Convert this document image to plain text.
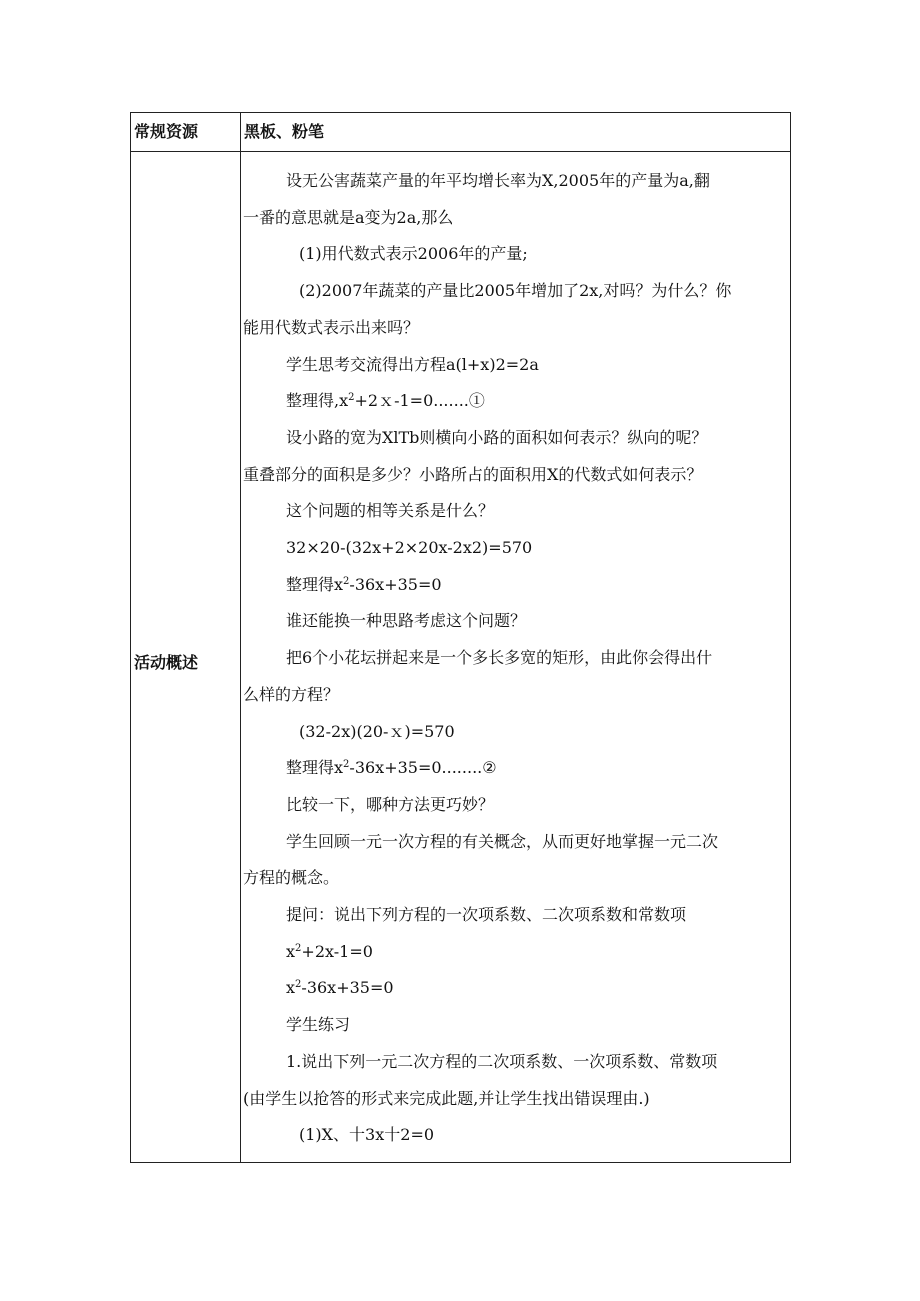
常规资源	黑板、粉笔
活动概述

设无公害蔬菜产量的年平均增长率为X,2005年的产量为a,翻

一番的意思就是a变为2a,那么

(1)用代数式表示2006年的产量;

(2)2007年蔬菜的产量比2005年增加了2x,对吗？为什么？你

能用代数式表示出来吗？

学生思考交流得出方程a(l+x)2=2a

整理得$,x^2+2x-1=0.......①$

设小路的宽为XlTb则横向小路的面积如何表示？纵向的呢？

重叠部分的面积是多少？小路所占的面积用X的代数式如何表示？

这个问题的相等关系是什么？

32×20-(32x+2×20x-2x2)=570

整理得$x^2-36x+35=0$

谁还能换一种思路考虑这个问题？

把6个小花坛拼起来是一个多长多宽的矩形，由此你会得出什

么样的方程？

(32-2x)(20-ｘ)=570

整理得$x^2-36x+35=0........②$

比较一下，哪种方法更巧妙？

学生回顾一元一次方程的有关概念，从而更好地掌握一元二次

方程的概念。

提问：说出下列方程的一次项系数、二次项系数和常数项

$x^2+2x-1=0$

$x^2-36x+35=0$

学生练习

1.说出下列一元二次方程的二次项系数、一次项系数、常数项

(由学生以抢答的形式来完成此题,并让学生找出错误理由.)

(1)X、十3x十2=0
